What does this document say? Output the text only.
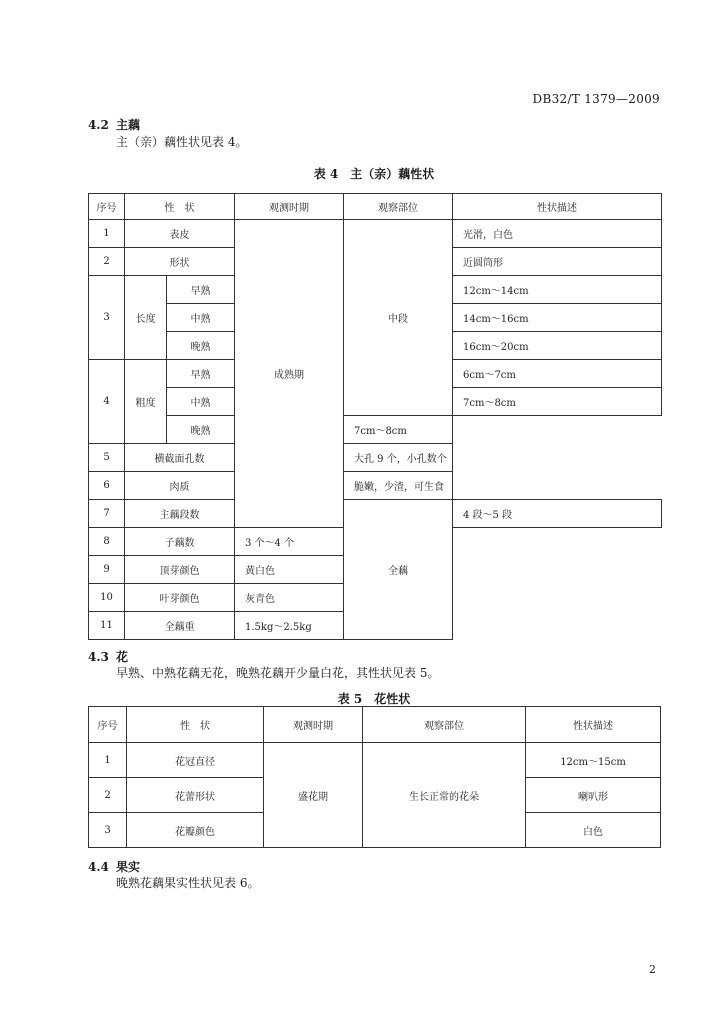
DB32/T 1379—2009
4.2 主藕
主（亲）藕性状见表 4。
表 4　主（亲）藕性状
序号	性　状		观测时期	观察部位	性状描述
1	表皮		成熟期	中段	光滑，白色
2	形状				近圆筒形
3	长度	早熟			12cm～14cm
		中熟			14cm～16cm
		晚熟			16cm～20cm
4	粗度	早熟			6cm～7cm
		中熟			7cm～8cm
		晚熟		7cm～8cm	
5	横截面孔数			大孔 9 个，小孔数个	
6	肉质			脆嫩，少渣，可生食	
7	主藕段数			全藕	4 段～5 段
8	子藕数		3 个～4 个		
9	顶芽颜色		黄白色		
10	叶芽颜色		灰青色		
11	全藕重		1.5kg～2.5kg		
4.3 花
早熟、中熟花藕无花，晚熟花藕开少量白花，其性状见表 5。
表 5　花性状
序号	性　状	观测时期	观察部位	性状描述
1	花冠直径	盛花期	生长正常的花朵	12cm～15cm
2	花蕾形状			喇叭形
3	花瓣颜色			白色
4.4 果实
晚熟花藕果实性状见表 6。
2
